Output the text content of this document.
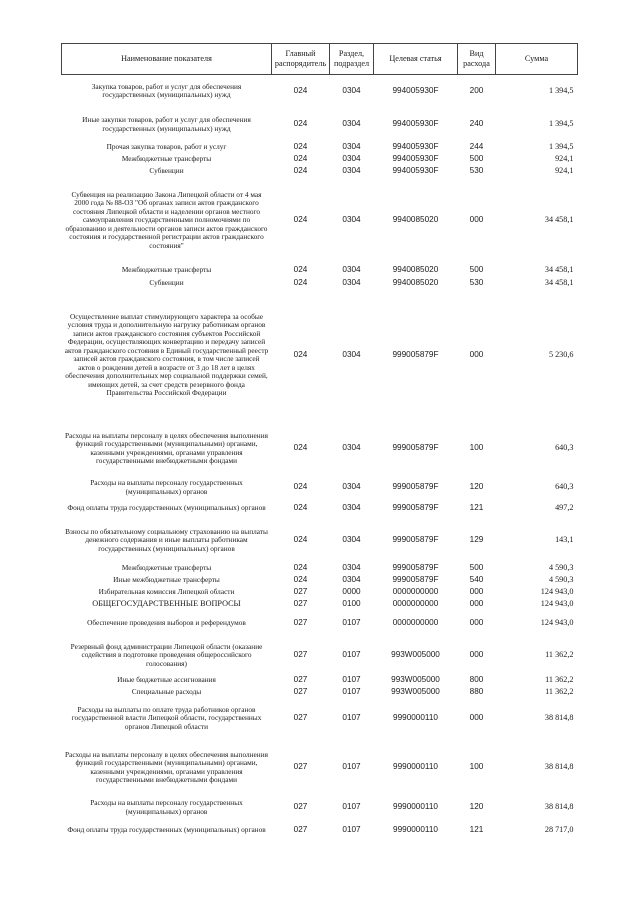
Наименование показателя	Главный распорядитель	Раздел, подраздел	Целевая статья	Вид расхода	Сумма
Закупка товаров, работ и услуг для обеспечения государственных (муниципальных) нужд	024	0304	994005930F	200	1 394,5
Иные закупки товаров, работ и услуг для обеспечения государственных (муниципальных) нужд	024	0304	994005930F	240	1 394,5
Прочая закупка товаров, работ и услуг	024	0304	994005930F	244	1 394,5
Межбюджетные трансферты	024	0304	994005930F	500	924,1
Субвенции	024	0304	994005930F	530	924,1
Субвенция на реализацию Закона Липецкой области от 4 мая 2000 года № 88-ОЗ "Об органах записи актов гражданского состояния Липецкой области и наделении органов местного самоуправления государственными полномочиями по образованию и деятельности органов записи актов гражданского состояния и государственной регистрации актов гражданского состояния"	024	0304	9940085020	000	34 458,1
Межбюджетные трансферты	024	0304	9940085020	500	34 458,1
Субвенции	024	0304	9940085020	530	34 458,1
Осуществление выплат стимулирующего характера за особые условия труда и дополнительную нагрузку работникам органов записи актов гражданского состояния субъектов Российской Федерации, осуществляющих конвертацию и передачу записей актов гражданского состояния в Единый государственный реестр записей актов гражданского состояния, в том числе записей актов о рождении детей в возрасте от 3 до 18 лет в целях обеспечения дополнительных мер социальной поддержки семей, имеющих детей, за счет средств резервного фонда Правительства Российской Федерации	024	0304	999005879F	000	5 230,6
Расходы на выплаты персоналу в целях обеспечения выполнения функций государственными (муниципальными) органами, казенными учреждениями, органами управления государственными внебюджетными фондами	024	0304	999005879F	100	640,3
Расходы на выплаты персоналу государственных (муниципальных) органов	024	0304	999005879F	120	640,3
Фонд оплаты труда государственных (муниципальных) органов	024	0304	999005879F	121	497,2
Взносы по обязательному социальному страхованию на выплаты денежного содержания и иные выплаты работникам государственных (муниципальных) органов	024	0304	999005879F	129	143,1
Межбюджетные трансферты	024	0304	999005879F	500	4 590,3
Иные межбюджетные трансферты	024	0304	999005879F	540	4 590,3
Избирательная комиссия Липецкой области	027	0000	0000000000	000	124 943,0
ОБЩЕГОСУДАРСТВЕННЫЕ ВОПРОСЫ	027	0100	0000000000	000	124 943,0
Обеспечение проведения выборов и референдумов	027	0107	0000000000	000	124 943,0
Резервный фонд администрации Липецкой области (оказание содействия в подготовке проведения общероссийского голосования)	027	0107	993W005000	000	11 362,2
Иные бюджетные ассигнования	027	0107	993W005000	800	11 362,2
Специальные расходы	027	0107	993W005000	880	11 362,2
Расходы на выплаты по оплате труда работников органов государственной власти Липецкой области, государственных органов Липецкой области	027	0107	9990000110	000	38 814,8
Расходы на выплаты персоналу в целях обеспечения выполнения функций государственными (муниципальными) органами, казенными учреждениями, органами управления государственными внебюджетными фондами	027	0107	9990000110	100	38 814,8
Расходы на выплаты персоналу государственных (муниципальных) органов	027	0107	9990000110	120	38 814,8
Фонд оплаты труда государственных (муниципальных) органов	027	0107	9990000110	121	28 717,0
